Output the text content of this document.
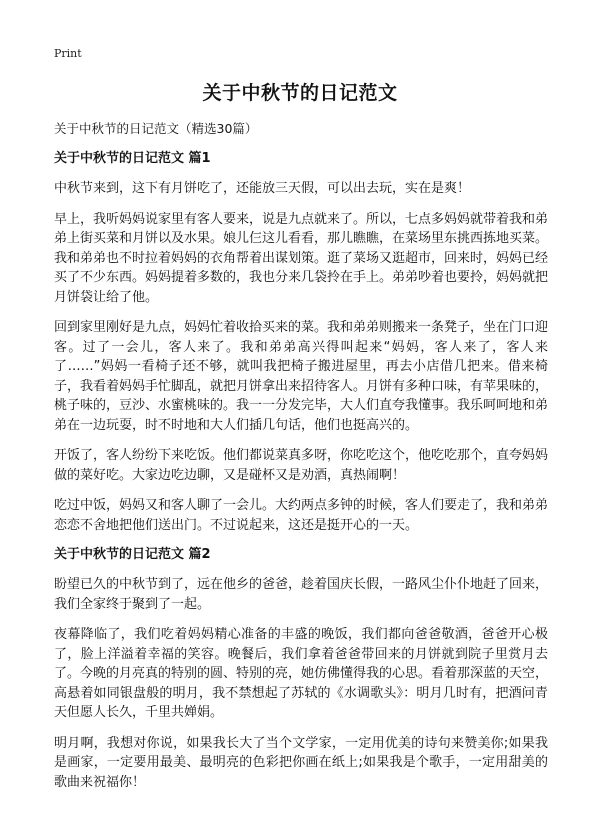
Print
关于中秋节的日记范文

关于中秋节的日记范文（精选30篇）

关于中秋节的日记范文 篇1

中秋节来到，这下有月饼吃了，还能放三天假，可以出去玩，实在是爽！

早上，我听妈妈说家里有客人要来，说是九点就来了。所以，七点多妈妈就带着我和弟弟上街买菜和月饼以及水果。娘儿仨这儿看看，那儿瞧瞧，在菜场里东挑西拣地买菜。我和弟弟也不时拉着妈妈的衣角帮着出谋划策。逛了菜场又逛超市，回来时，妈妈已经买了不少东西。妈妈提着多数的，我也分来几袋拎在手上。弟弟吵着也要拎，妈妈就把月饼袋让给了他。

回到家里刚好是九点，妈妈忙着收拾买来的菜。我和弟弟则搬来一条凳子，坐在门口迎客。过了一会儿，客人来了。我和弟弟高兴得叫起来“妈妈，客人来了，客人来了……”妈妈一看椅子还不够，就叫我把椅子搬进屋里，再去小店借几把来。借来椅子，我看着妈妈手忙脚乱，就把月饼拿出来招待客人。月饼有多种口味，有苹果味的，桃子味的，豆沙、水蜜桃味的。我一一分发完毕，大人们直夸我懂事。我乐呵呵地和弟弟在一边玩耍，时不时地和大人们插几句话，他们也挺高兴的。

开饭了，客人纷纷下来吃饭。他们都说菜真多呀，你吃吃这个，他吃吃那个，直夸妈妈做的菜好吃。大家边吃边聊，又是碰杯又是劝酒，真热闹啊！

吃过中饭，妈妈又和客人聊了一会儿。大约两点多钟的时候，客人们要走了，我和弟弟恋恋不舍地把他们送出门。不过说起来，这还是挺开心的一天。

关于中秋节的日记范文 篇2

盼望已久的中秋节到了，远在他乡的爸爸，趁着国庆长假，一路风尘仆仆地赶了回来，我们全家终于聚到了一起。

夜幕降临了，我们吃着妈妈精心准备的丰盛的晚饭，我们都向爸爸敬酒，爸爸开心极了，脸上洋溢着幸福的笑容。晚餐后，我们拿着爸爸带回来的月饼就到院子里赏月去了。今晚的月亮真的特别的圆、特别的亮，她仿佛懂得我的心思。看着那深蓝的天空，高悬着如同银盘般的明月，我不禁想起了苏轼的《水调歌头》：明月几时有，把酒问青天但愿人长久，千里共婵娟。

明月啊，我想对你说，如果我长大了当个文学家，一定用优美的诗句来赞美你;如果我是画家，一定要用最美、最明亮的色彩把你画在纸上;如果我是个歌手，一定用甜美的歌曲来祝福你！
